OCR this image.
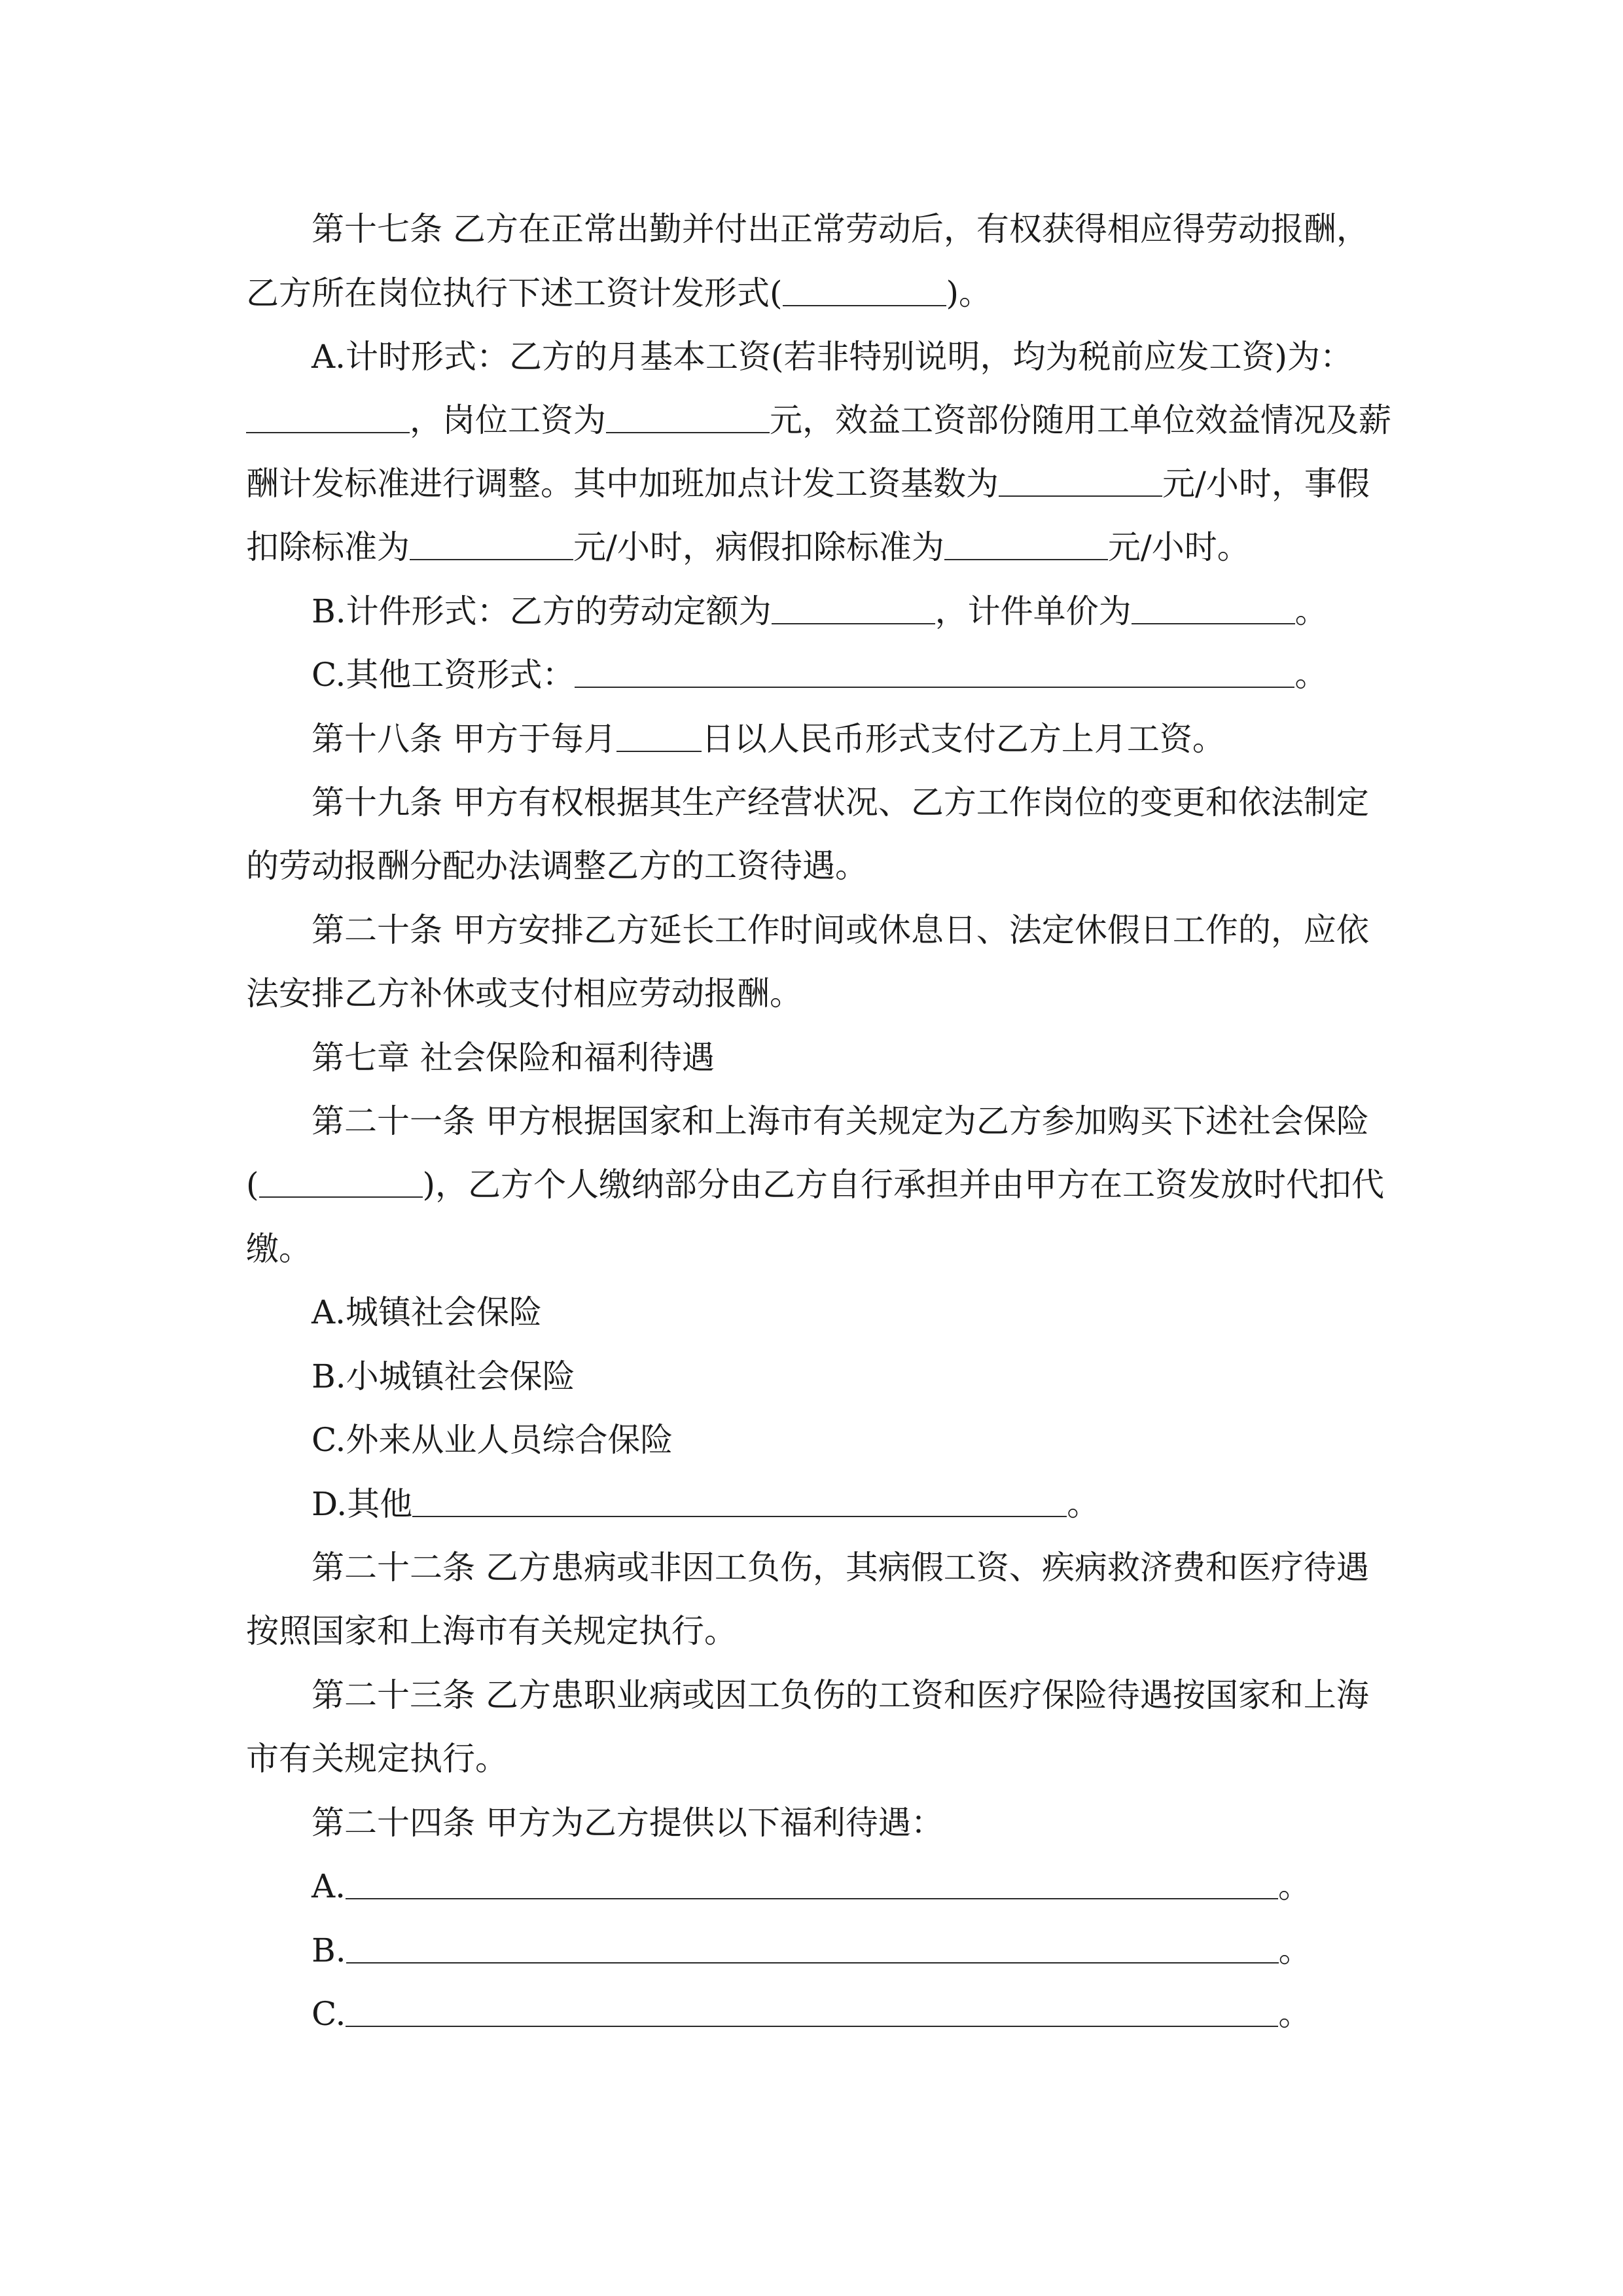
第十七条 乙方在正常出勤并付出正常劳动后，有权获得相应得劳动报酬，
乙方所在岗位执行下述工资计发形式(	)。
A.计时形式：乙方的月基本工资(若非特别说明，均为税前应发工资)为：
，岗位工资为	元，效益工资部份随用工单位效益情况及薪
酬计发标准进行调整。其中加班加点计发工资基数为	元/小时，事假
扣除标准为	元/小时，病假扣除标准为	元/小时。
B.计件形式：乙方的劳动定额为	，计件单价为	。
C.其他工资形式：	。
第十八条 甲方于每月	日以人民币形式支付乙方上月工资。
第十九条 甲方有权根据其生产经营状况、乙方工作岗位的变更和依法制定
的劳动报酬分配办法调整乙方的工资待遇。
第二十条 甲方安排乙方延长工作时间或休息日、法定休假日工作的，应依
法安排乙方补休或支付相应劳动报酬。
第七章 社会保险和福利待遇
第二十一条 甲方根据国家和上海市有关规定为乙方参加购买下述社会保险
(	)，乙方个人缴纳部分由乙方自行承担并由甲方在工资发放时代扣代
缴。
A.城镇社会保险
B.小城镇社会保险
C.外来从业人员综合保险
D.其他	。
第二十二条 乙方患病或非因工负伤，其病假工资、疾病救济费和医疗待遇
按照国家和上海市有关规定执行。
第二十三条 乙方患职业病或因工负伤的工资和医疗保险待遇按国家和上海
市有关规定执行。
第二十四条 甲方为乙方提供以下福利待遇：
A.	。
B.	。
C.	。
